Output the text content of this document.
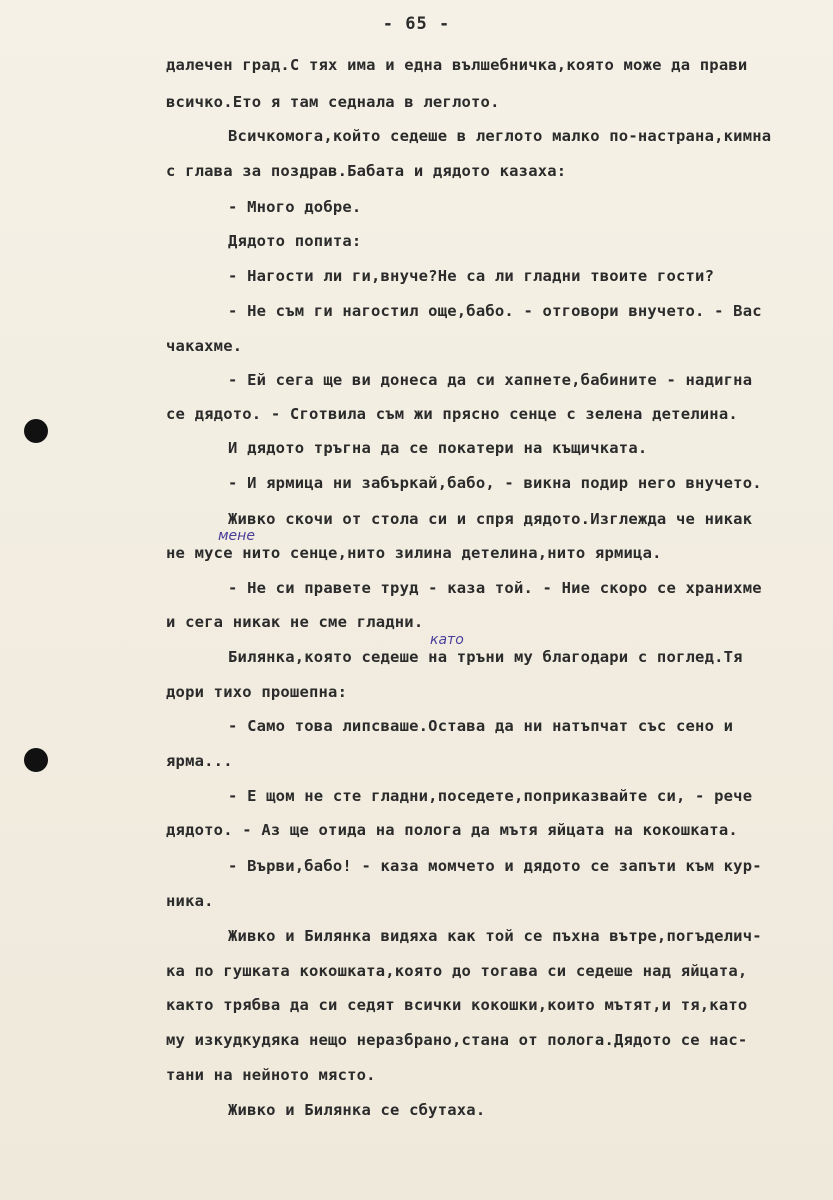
- 65 -
далечен град.С тях има и една вълшебничка,която може да прави
всичко.Ето я там седнала в леглото.
Всичкомога,който седеше в леглото малко по-настрана,кимна
с глава за поздрав.Бабата и дядото казаха:
- Много добре.
Дядото попита:
- Нагости ли ги,внуче?Не са ли гладни твоите гости?
- Не съм ги нагостил още,бабо. - отговори внучето. - Вас
чакахме.
- Ей сега ще ви донеса да си хапнете,бабините - надигна
се дядото. - Сготвила съм жи прясно сенце с зелена детелина.
И дядото тръгна да се покатери на къщичката.
- И ярмица ни забъркай,бабо, - викна подир него внучето.
Живко скочи от стола си и спря дядото.Изглежда че никак
не мусе нито сенце,нито зилина детелина,нито ярмица.
- Не си правете труд - каза той. - Ние скоро се хранихме
и сега никак не сме гладни.
Билянка,която седеше на тръни му благодари с поглед.Тя
дори тихо прошепна:
- Само това липсваше.Остава да ни натъпчат със сено и
ярма...
- Е щом не сте гладни,поседете,поприказвайте си, - рече
дядото. - Аз ще отида на полога да мътя яйцата на кокошката.
- Върви,бабо! - каза момчето и дядото се запъти към кур-
ника.
Живко и Билянка видяха как той се пъхна вътре,погъделич-
ка по гушката кокошката,която до тогава си седеше над яйцата,
както трябва да си седят всички кокошки,които мътят,и тя,като
му изкудкудяка нещо неразбрано,стана от полога.Дядото се нас-
тани на нейното място.
Живко и Билянка се сбутаха.
мене
като
